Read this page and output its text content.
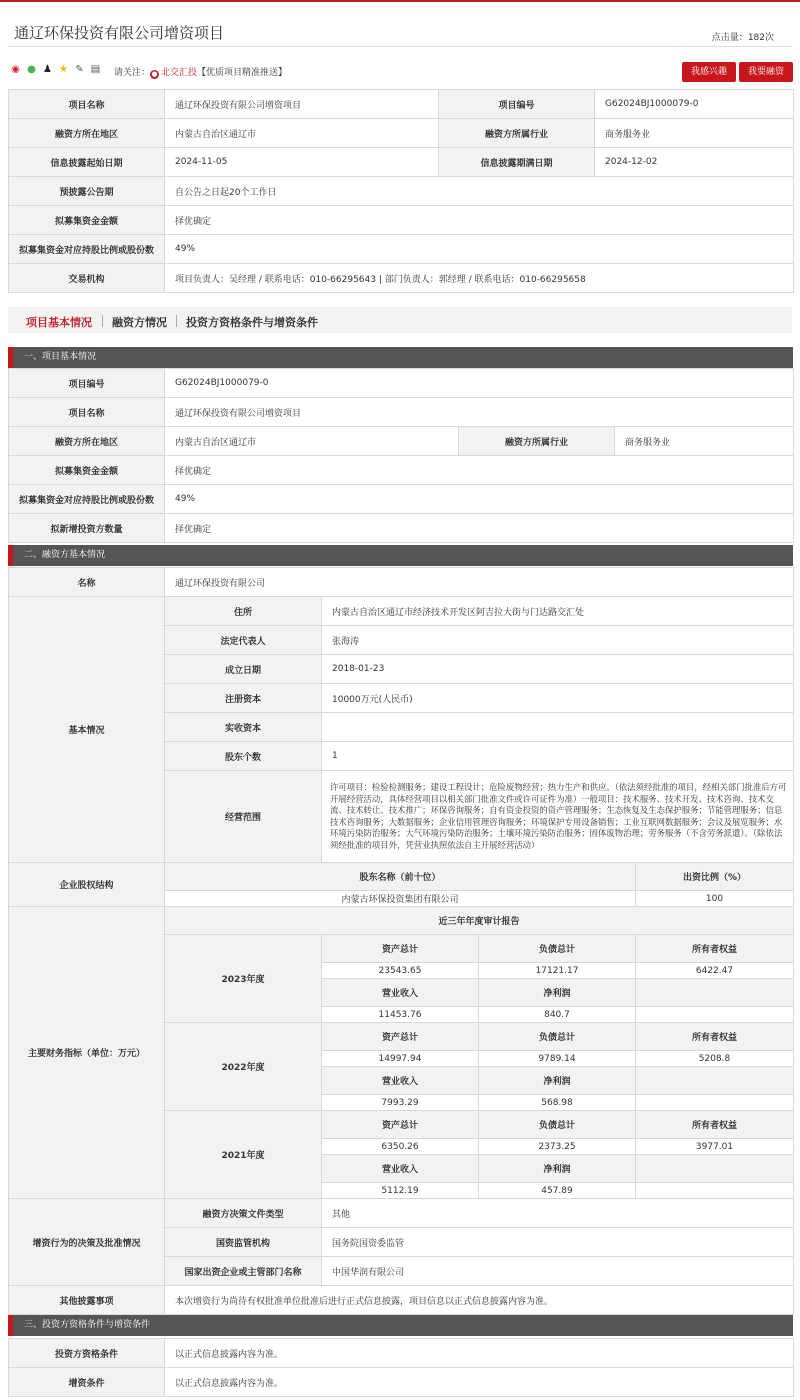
通辽环保投资有限公司增资项目	点击量：182次
◉ ● ♟ ★ ✎ ▤ 请关注：● 北交汇投【优质项目精准推送】	我感兴趣	我要融资
项目名称	通辽环保投资有限公司增资项目	项目编号	G62024BJ1000079-0
融资方所在地区	内蒙古自治区通辽市	融资方所属行业	商务服务业
信息披露起始日期	2024-11-05	信息披露期满日期	2024-12-02
预披露公告期	自公告之日起20个工作日		
拟募集资金金额	择优确定		
拟募集资金对应持股比例或股份数	49%		
交易机构	项目负责人：吴经理 / 联系电话：010-66295643 | 部门负责人：郭经理 / 联系电话：010-66295658		
项目基本情况 融资方情况 投资方资格条件与增资条件
一、项目基本情况
项目编号	G62024BJ1000079-0		
项目名称	通辽环保投资有限公司增资项目		
融资方所在地区	内蒙古自治区通辽市	融资方所属行业	商务服务业
拟募集资金金额	择优确定		
拟募集资金对应持股比例或股份数	49%		
拟新增投资方数量	择优确定		
二、融资方基本情况
名称	通辽环保投资有限公司			
基本情况	住所	内蒙古自治区通辽市经济技术开发区阿吉拉大街与门达路交汇处		
	法定代表人	张海涛		
	成立日期	2018-01-23		
	注册资本	10000万元(人民币)		
	实收资本			
	股东个数	1		
	经营范围	许可项目：检验检测服务；建设工程设计；危险废物经营；热力生产和供应。（依法须经批准的项目，经相关部门批准后方可开展经营活动，具体经营项目以相关部门批准文件或许可证件为准）一般项目：技术服务、技术开发、技术咨询、技术交流、技术转让、技术推广；环保咨询服务；自有资金投资的资产管理服务；生态恢复及生态保护服务；节能管理服务；信息技术咨询服务；大数据服务；企业信用管理咨询服务；环境保护专用设备销售；工业互联网数据服务；会议及展览服务；水环境污染防治服务；大气环境污染防治服务；土壤环境污染防治服务；固体废物治理；劳务服务（不含劳务派遣）。（除依法须经批准的项目外，凭营业执照依法自主开展经营活动）		
企业股权结构	股东名称（前十位）			出资比例（%）
	内蒙古环保投资集团有限公司			100
主要财务指标（单位：万元）	近三年年度审计报告			
	2023年度	资产总计	负债总计	所有者权益
		23543.65	17121.17	6422.47
		营业收入	净利润	
		11453.76	840.7	
	2022年度	资产总计	负债总计	所有者权益
		14997.94	9789.14	5208.8
		营业收入	净利润	
		7993.29	568.98	
	2021年度	资产总计	负债总计	所有者权益
		6350.26	2373.25	3977.01
		营业收入	净利润	
		5112.19	457.89	
增资行为的决策及批准情况	融资方决策文件类型	其他		
	国资监管机构	国务院国资委监管		
	国家出资企业或主管部门名称	中国华润有限公司		
其他披露事项	本次增资行为尚待有权批准单位批准后进行正式信息披露，项目信息以正式信息披露内容为准。			
三、投资方资格条件与增资条件
投资方资格条件	以正式信息披露内容为准。
增资条件	以正式信息披露内容为准。
